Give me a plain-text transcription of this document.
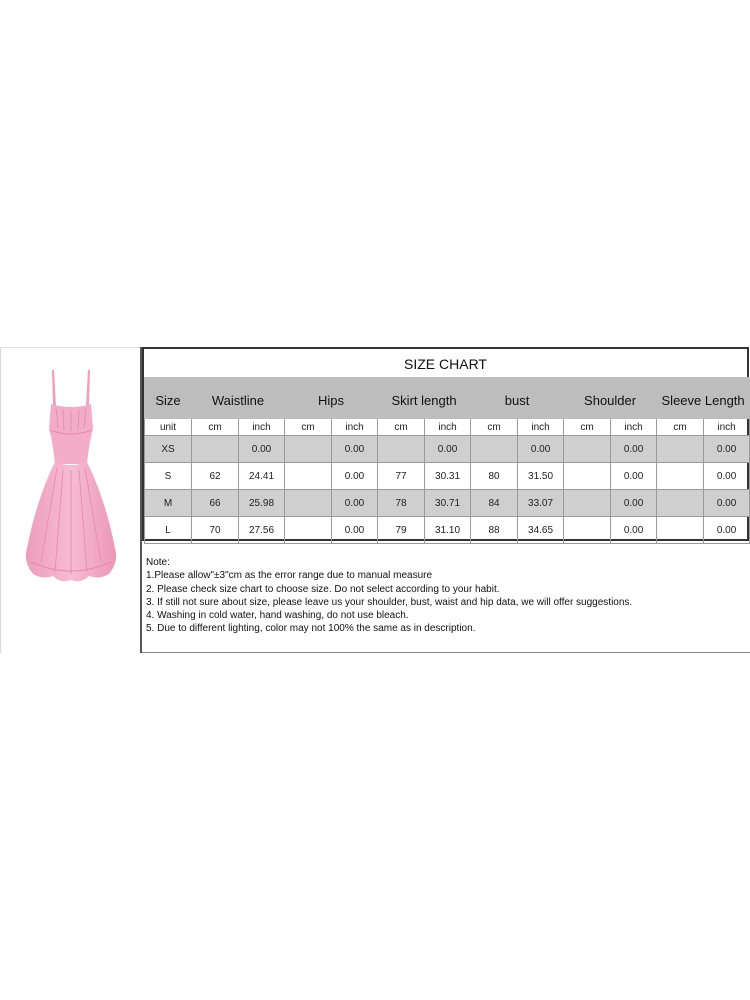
SIZE CHART
Size	Waistline		Hips		Skirt length		bust		Shoulder		Sleeve Length	
unit	cm	inch	cm	inch	cm	inch	cm	inch	cm	inch	cm	inch
XS		0.00		0.00		0.00		0.00		0.00		0.00
S	62	24.41		0.00	77	30.31	80	31.50		0.00		0.00
M	66	25.98		0.00	78	30.71	84	33.07		0.00		0.00
L	70	27.56		0.00	79	31.10	88	34.65		0.00		0.00
Note:
1.Please allow"±3"cm as the error range due to manual measure
2. Please check size chart to choose size. Do not select according to your habit.
3. If still not sure about size, please leave us your shoulder, bust, waist and hip data, we will offer suggestions.
4. Washing in cold water, hand washing, do not use bleach.
5. Due to different lighting, color may not 100% the same as in description.
